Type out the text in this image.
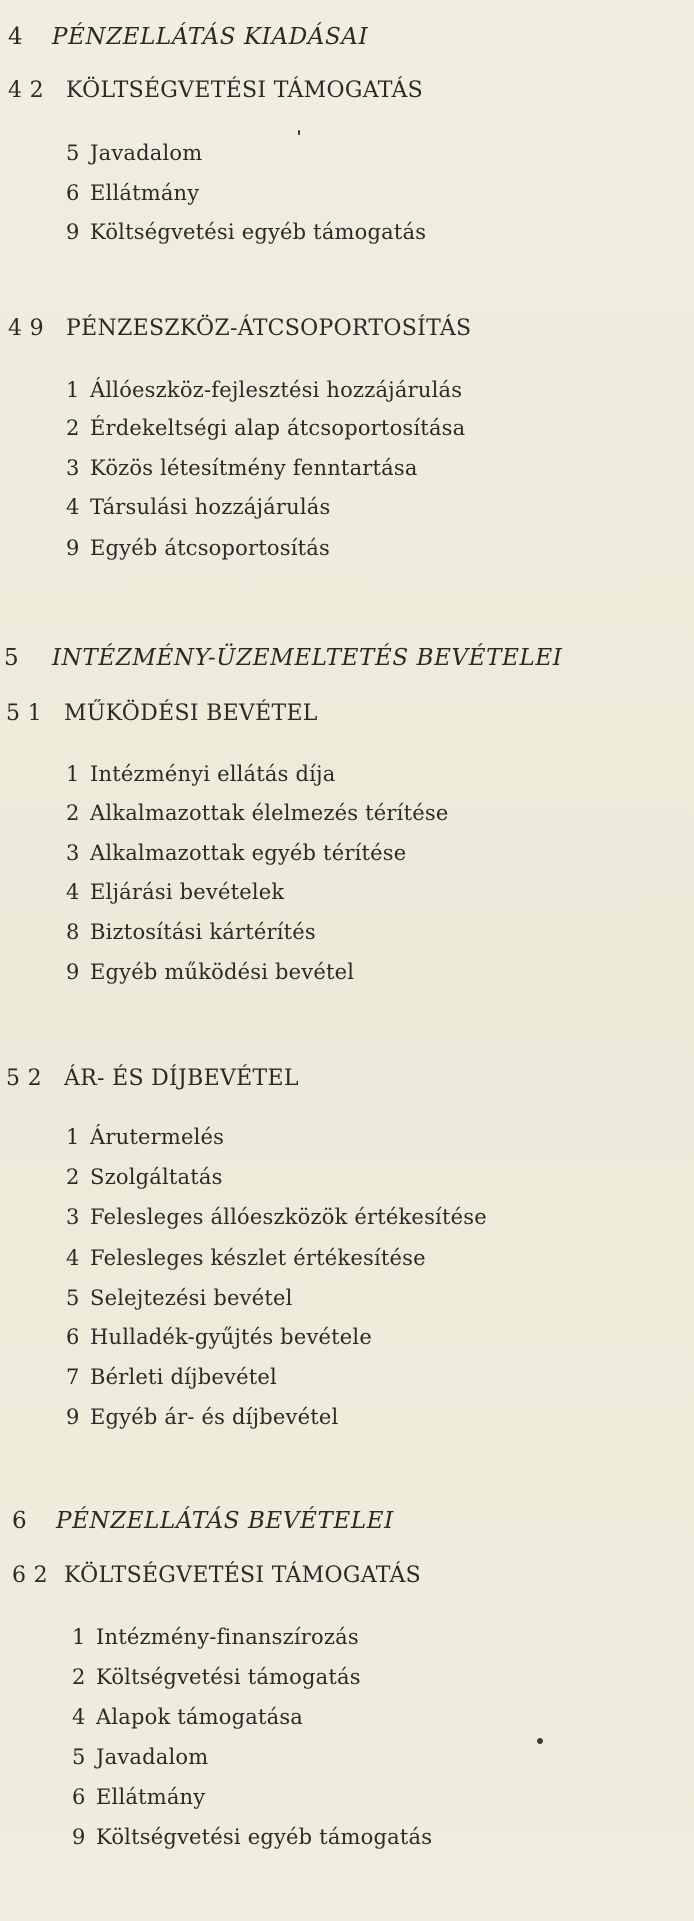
4 PÉNZELLÁTÁS KIADÁSAI
4 2 KÖLTSÉGVETÉSI TÁMOGATÁS
5 Javadalom
6 Ellátmány
9 Költségvetési egyéb támogatás
4 9 PÉNZESZKÖZ-ÁTCSOPORTOSÍTÁS
1 Állóeszköz-fejlesztési hozzájárulás
2 Érdekeltségi alap átcsoportosítása
3 Közös létesítmény fenntartása
4 Társulási hozzájárulás
9 Egyéb átcsoportosítás
5 INTÉZMÉNY-ÜZEMELTETÉS BEVÉTELEI
5 1 MŰKÖDÉSI BEVÉTEL
1 Intézményi ellátás díja
2 Alkalmazottak élelmezés térítése
3 Alkalmazottak egyéb térítése
4 Eljárási bevételek
8 Biztosítási kártérítés
9 Egyéb működési bevétel
5 2 ÁR- ÉS DÍJBEVÉTEL
1 Árutermelés
2 Szolgáltatás
3 Felesleges állóeszközök értékesítése
4 Felesleges készlet értékesítése
5 Selejtezési bevétel
6 Hulladék-gyűjtés bevétele
7 Bérleti díjbevétel
9 Egyéb ár- és díjbevétel
6 PÉNZELLÁTÁS BEVÉTELEI
6 2 KÖLTSÉGVETÉSI TÁMOGATÁS
1 Intézmény-finanszírozás
2 Költségvetési támogatás
4 Alapok támogatása
5 Javadalom
6 Ellátmány
9 Költségvetési egyéb támogatás
